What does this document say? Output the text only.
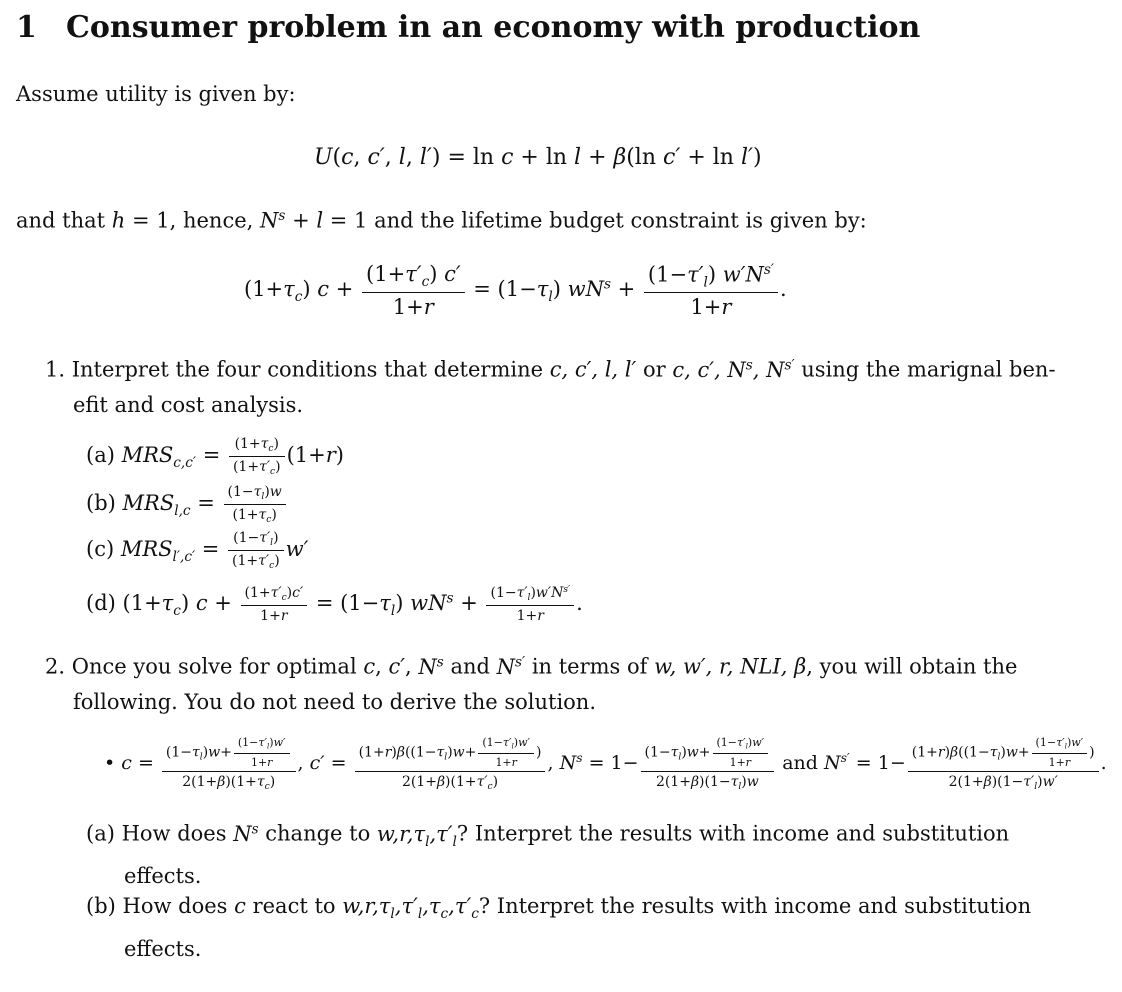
1 Consumer problem in an economy with production
Assume utility is given by:
U(c, c′, l, l′) = ln c + ln l + β(ln c′ + ln l′)
and that h = 1, hence, $N^s + l = 1$ and the lifetime budget constraint is given by:
$(1+\tau_c) c + \frac{(1+\tau'_c) c'}{1+r} = (1-\tau_l) wN^s + \frac{(1-\tau'_l) w'N^{s'}}{1+r}$ .
1. Interpret the four conditions that determine c, c′, l, l′ or c, c′, $N^s$, $N^{s'}$ using the marignal ben-
efit and cost analysis.
(a) $MRS_{c,c'} = \frac{(1+\tau_c)}{(1+\tau'_c)} (1+r)$
(b) $MRS_{l,c} = \frac{(1-\tau_l)w}{(1+\tau_c)}$
(c) $MRS_{l',c'} = \frac{(1-\tau'_l)}{(1+\tau'_c)} w'$
(d) $(1+\tau_c) c + \frac{(1+\tau'_c)c'}{1+r} = (1-\tau_l) wN^s + \frac{(1-\tau'_l)w'N^{s'}}{1+r}$ .
2. Once you solve for optimal c, c′, $N^s$ and $N^{s'}$ in terms of w, w′, r, NLI, β, you will obtain the
following. You do not need to derive the solution.
• $c = \frac{(1-\tau_l)w+ \frac{(1-\tau'_l)w'}{1+r}}{2(1+\beta)(1+\tau_c)}$ , $c' = \frac{(1+r)\beta((1-\tau_l)w+ \frac{(1-\tau'_l)w'}{1+r} )}{2(1+\beta)(1+\tau'_c)}$ , $N^s = 1- \frac{(1-\tau_l)w+ \frac{(1-\tau'_l)w'}{1+r}}{2(1+\beta)(1-\tau_l)w}$ and $N^{s'} = 1- \frac{(1+r)\beta((1-\tau_l)w+ \frac{(1-\tau'_l)w'}{1+r} )}{2(1+\beta)(1-\tau'_l)w'}$ .
(a) How does $N^s$ change to $w,r,\tau_l,\tau'_l$? Interpret the results with income and substitution
effects.
(b) How does c react to $w,r,\tau_l,\tau'_l,\tau_c,\tau'_c$? Interpret the results with income and substitution
effects.
